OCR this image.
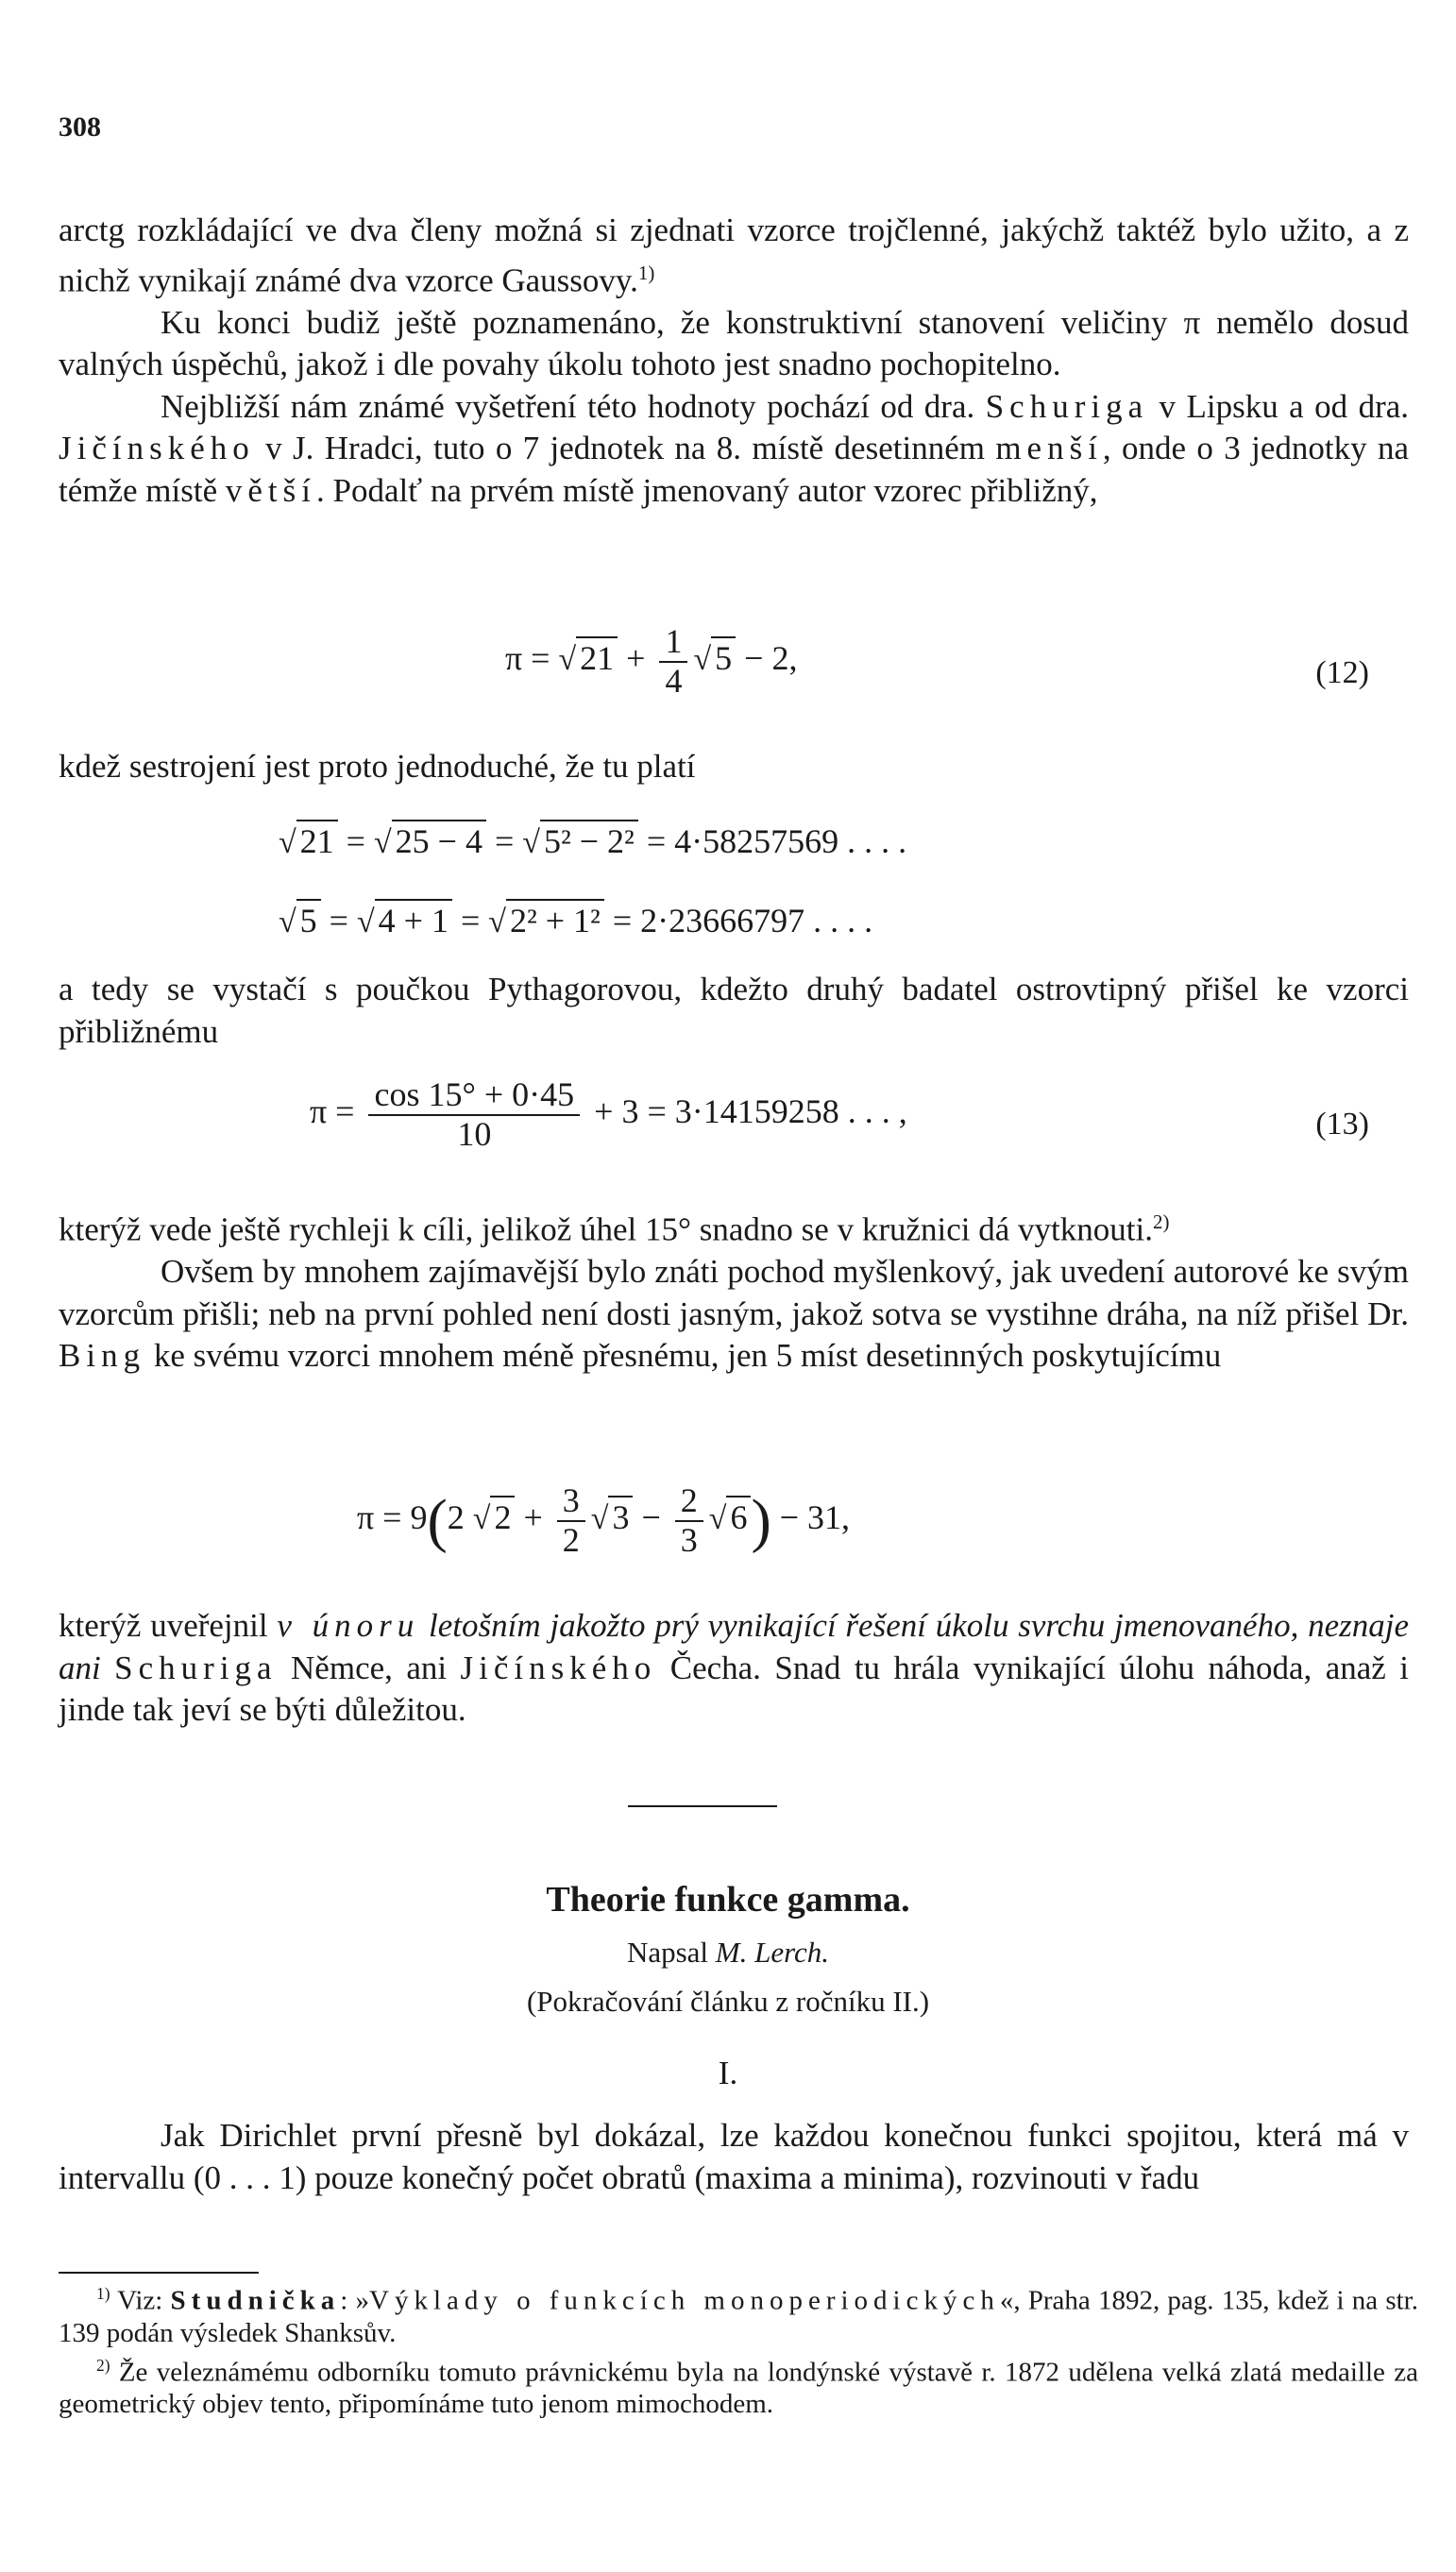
308

arctg rozkládající ve dva členy možná si zjednati vzorce trojčlenné, jakýchž taktéž bylo užito, a z nichž vynikají známé dva vzorce Gaussovy.$^{1)}$

Ku konci budiž ještě poznamenáno, že konstruktivní stanovení veličiny π nemělo dosud valných úspěchů, jakož i dle povahy úkolu tohoto jest snadno pochopitelno.

Nejbližší nám známé vyšetření této hodnoty pochází od dra. Schuriga v Lipsku a od dra. Jičínského v J. Hradci, tuto o 7 jednotek na 8. místě desetinném menší, onde o 3 jednotky na témže místě větší. Podalť na prvém místě jmenovaný autor vzorec přibližný,

π = √ $21 + \frac{1}{4}$ √ 5 − 2,	(12)

kdež sestrojení jest proto jednoduché, že tu platí

√ 21 = √ 25 − 4 = √ 5² − 2² = 4·58257569 . . . .
√ 5 = √ 4 + 1 = √ 2² + 1² = 2·23666797 . . . .

a tedy se vystačí s poučkou Pythagorovou, kdežto druhý badatel ostrovtipný přišel ke vzorci přibližnému

$\pi = \frac{\cos 15^\circ + 0\cdot 45}{10} + 3 = 3\cdot 14159258$ . . . ,	(13)

kterýž vede ještě rychleji k cíli, jelikož úhel 15° snadno se v kružnici dá vytknouti.$^{2)}$

Ovšem by mnohem zajímavější bylo znáti pochod myšlenkový, jak uvedení autorové ke svým vzorcům přišli; neb na první pohled není dosti jasným, jakož sotva se vystihne dráha, na níž přišel Dr. Bing ke svému vzorci mnohem méně přesnému, jen 5 míst desetinných poskytujícímu

π = 9(2 √ $2 + \frac{3}{2}$ √ $3 - \frac{2}{3}$ √ 6) − 31,

kterýž uveřejnil v únoru letošním jakožto prý vynikající řešení úkolu svrchu jmenovaného, neznaje ani Schuriga Němce, ani Jičínského Čecha. Snad tu hrála vynikající úlohu náhoda, anaž i jinde tak jeví se býti důležitou.

Theorie funkce gamma.
Napsal M. Lerch.
(Pokračování článku z ročníku II.)
I.

Jak Dirichlet první přesně byl dokázal, lze každou konečnou funkci spojitou, která má v intervallu (0 . . . 1) pouze konečný počet obratů (maxima a minima), rozvinouti v řadu

$^{1)}$ Viz: Studnička: »Výklady o funkcích monoperiodických«, Praha 1892, pag. 135, kdež i na str. 139 podán výsledek Shanksův.

$^{2)}$ Že veleznámému odborníku tomuto právnickému byla na londýnské výstavě r. 1872 udělena velká zlatá medaille za geometrický objev tento, připomínáme tuto jenom mimochodem.
